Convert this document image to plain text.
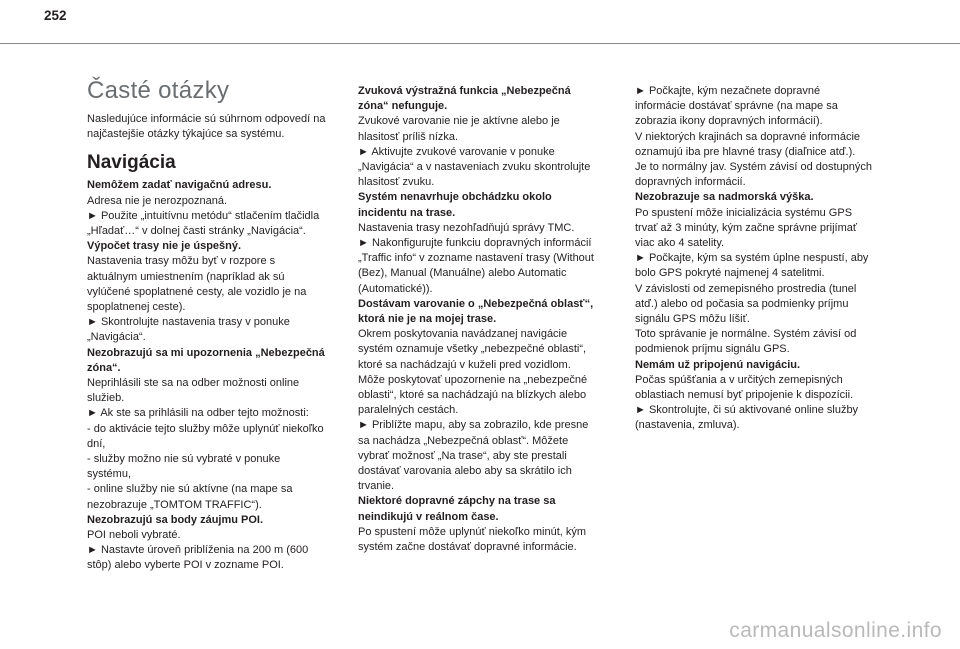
252
Časté otázky

Nasledujúce informácie sú súhrnom odpovedí na

najčastejšie otázky týkajúce sa systému.

Navigácia

Nemôžem zadať navigačnú adresu.

Adresa nie je nerozpoznaná.

► Použite „intuitívnu metódu“ stlačením tlačidla

„Hľadať…“ v dolnej časti stránky „Navigácia“.

Výpočet trasy nie je úspešný.

Nastavenia trasy môžu byť v rozpore s

aktuálnym umiestnením (napríklad ak sú

vylúčené spoplatnené cesty, ale vozidlo je na

spoplatnenej ceste).

► Skontrolujte nastavenia trasy v ponuke

„Navigácia“.

Nezobrazujú sa mi upozornenia „Nebezpečná

zóna“.

Neprihlásili ste sa na odber možnosti online

služieb.

► Ak ste sa prihlásili na odber tejto možnosti:

- do aktivácie tejto služby môže uplynúť niekoľko

dní,

- služby možno nie sú vybraté v ponuke

systému,

- online služby nie sú aktívne (na mape sa

nezobrazuje „TOMTOM TRAFFIC“).

Nezobrazujú sa body záujmu POI.

POI neboli vybraté.

► Nastavte úroveň priblíženia na 200 m (600

stôp) alebo vyberte POI v zozname POI.

Zvuková výstražná funkcia „Nebezpečná

zóna“ nefunguje.

Zvukové varovanie nie je aktívne alebo je

hlasitosť príliš nízka.

► Aktivujte zvukové varovanie v ponuke

„Navigácia“ a v nastaveniach zvuku skontrolujte

hlasitosť zvuku.

Systém nenavrhuje obchádzku okolo

incidentu na trase.

Nastavenia trasy nezohľadňujú správy TMC.

► Nakonfigurujte funkciu dopravných informácií

„Traffic info“ v zozname nastavení trasy (Without

(Bez), Manual (Manuálne) alebo Automatic

(Automatické)).

Dostávam varovanie o „Nebezpečná oblasť“,

ktorá nie je na mojej trase.

Okrem poskytovania navádzanej navigácie

systém oznamuje všetky „nebezpečné oblasti“,

ktoré sa nachádzajú v kuželi pred vozidlom.

Môže poskytovať upozornenie na „nebezpečné

oblasti“, ktoré sa nachádzajú na blízkych alebo

paralelných cestách.

► Priblížte mapu, aby sa zobrazilo, kde presne

sa nachádza „Nebezpečná oblasť“. Môžete

vybrať možnosť „Na trase“, aby ste prestali

dostávať varovania alebo aby sa skrátilo ich

trvanie.

Niektoré dopravné zápchy na trase sa

neindikujú v reálnom čase.

Po spustení môže uplynúť niekoľko minút, kým

systém začne dostávať dopravné informácie.

► Počkajte, kým nezačnete dopravné

informácie dostávať správne (na mape sa

zobrazia ikony dopravných informácií).

V niektorých krajinách sa dopravné informácie

oznamujú iba pre hlavné trasy (diaľnice atď.).

Je to normálny jav. Systém závisí od dostupných

dopravných informácií.

Nezobrazuje sa nadmorská výška.

Po spustení môže inicializácia systému GPS

trvať až 3 minúty, kým začne správne prijímať

viac ako 4 satelity.

► Počkajte, kým sa systém úplne nespustí, aby

bolo GPS pokryté najmenej 4 satelitmi.

V závislosti od zemepisného prostredia (tunel

atď.) alebo od počasia sa podmienky príjmu

signálu GPS môžu líšiť.

Toto správanie je normálne. Systém závisí od

podmienok príjmu signálu GPS.

Nemám už pripojenú navigáciu.

Počas spúšťania a v určitých zemepisných

oblastiach nemusí byť pripojenie k dispozícii.

► Skontrolujte, či sú aktivované online služby

(nastavenia, zmluva).

carmanualsonline.info
